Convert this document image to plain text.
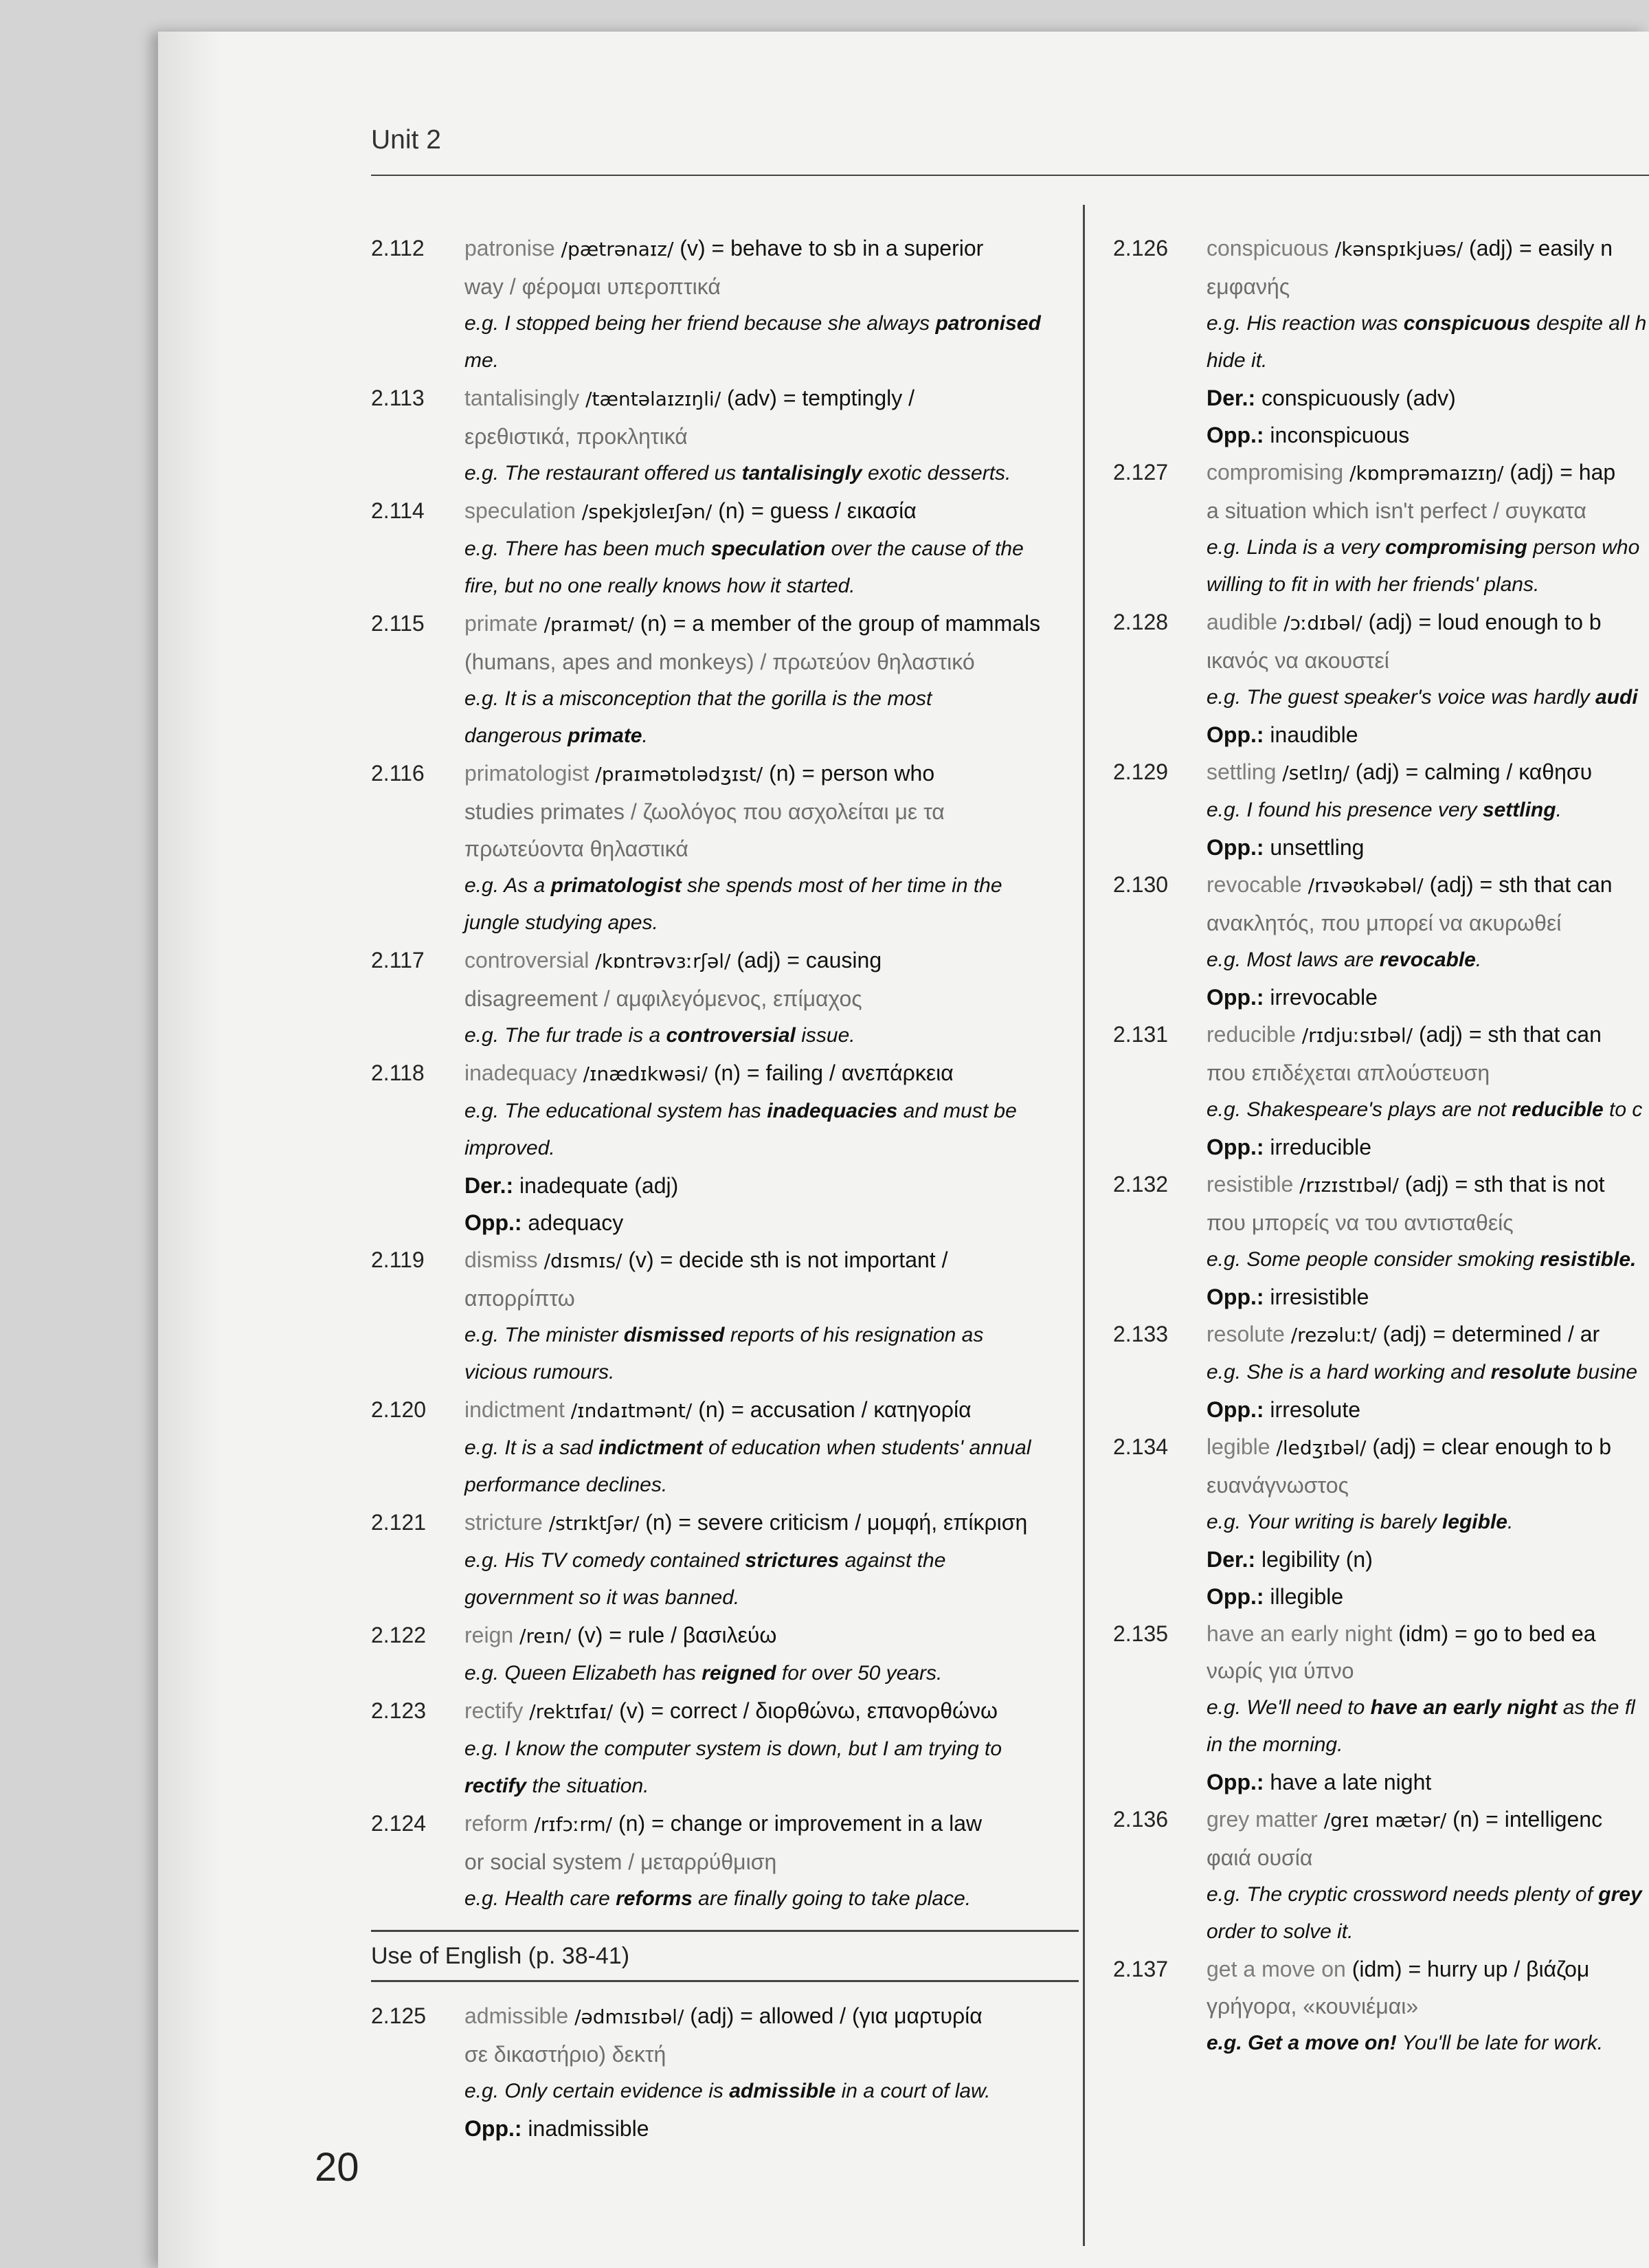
Unit 2
2.112	patronise /pætrənaɪz/ (v) = behave to sb in a superior
way / φέρομαι υπεροπτικά
e.g. I stopped being her friend because she always patronised
me.
2.113	tantalisingly /tæntəlaɪzɪŋli/ (adv) = temptingly /
ερεθιστικά, προκλητικά
e.g. The restaurant offered us tantalisingly exotic desserts.
2.114	speculation /spekjʊleɪʃən/ (n) = guess / εικασία
e.g. There has been much speculation over the cause of the
fire, but no one really knows how it started.
2.115	primate /praɪmət/ (n) = a member of the group of mammals
(humans, apes and monkeys) / πρωτεύον θηλαστικό
e.g. It is a misconception that the gorilla is the most
dangerous primate.
2.116	primatologist /praɪmətɒlədʒɪst/ (n) = person who
studies primates / ζωολόγος που ασχολείται με τα
πρωτεύοντα θηλαστικά
e.g. As a primatologist she spends most of her time in the
jungle studying apes.
2.117	controversial /kɒntrəvɜːrʃəl/ (adj) = causing
disagreement / αμφιλεγόμενος, επίμαχος
e.g. The fur trade is a controversial issue.
2.118	inadequacy /ɪnædɪkwəsi/ (n) = failing / ανεπάρκεια
e.g. The educational system has inadequacies and must be
improved.
Der.: inadequate (adj)
Opp.: adequacy
2.119	dismiss /dɪsmɪs/ (v) = decide sth is not important /
απορρίπτω
e.g. The minister dismissed reports of his resignation as
vicious rumours.
2.120	indictment /ɪndaɪtmənt/ (n) = accusation / κατηγορία
e.g. It is a sad indictment of education when students' annual
performance declines.
2.121	stricture /strɪktʃər/ (n) = severe criticism / μομφή, επίκριση
e.g. His TV comedy contained strictures against the
government so it was banned.
2.122	reign /reɪn/ (v) = rule / βασιλεύω
e.g. Queen Elizabeth has reigned for over 50 years.
2.123	rectify /rektɪfaɪ/ (v) = correct / διορθώνω, επανορθώνω
e.g. I know the computer system is down, but I am trying to
rectify the situation.
2.124	reform /rɪfɔːrm/ (n) = change or improvement in a law
or social system / μεταρρύθμιση
e.g. Health care reforms are finally going to take place.
Use of English (p. 38-41)
2.125	admissible /ədmɪsɪbəl/ (adj) = allowed / (για μαρτυρία
σε δικαστήριο) δεκτή
e.g. Only certain evidence is admissible in a court of law.
Opp.: inadmissible
2.126	conspicuous /kənspɪkjuəs/ (adj) = easily n
εμφανής
e.g. His reaction was conspicuous despite all h
hide it.
Der.: conspicuously (adv)
Opp.: inconspicuous
2.127	compromising /kɒmprəmaɪzɪŋ/ (adj) = hap
a situation which isn't perfect / συγκατα
e.g. Linda is a very compromising person who
willing to fit in with her friends' plans.
2.128	audible /ɔːdɪbəl/ (adj) = loud enough to b
ικανός να ακουστεί
e.g. The guest speaker's voice was hardly audi
Opp.: inaudible
2.129	settling /setlɪŋ/ (adj) = calming / καθησυ
e.g. I found his presence very settling.
Opp.: unsettling
2.130	revocable /rɪvəʊkəbəl/ (adj) = sth that can
ανακλητός, που μπορεί να ακυρωθεί
e.g. Most laws are revocable.
Opp.: irrevocable
2.131	reducible /rɪdjuːsɪbəl/ (adj) = sth that can
που επιδέχεται απλούστευση
e.g. Shakespeare's plays are not reducible to c
Opp.: irreducible
2.132	resistible /rɪzɪstɪbəl/ (adj) = sth that is not
που μπορείς να του αντισταθείς
e.g. Some people consider smoking resistible.
Opp.: irresistible
2.133	resolute /rezəluːt/ (adj) = determined / ar
e.g. She is a hard working and resolute busine
Opp.: irresolute
2.134	legible /ledʒɪbəl/ (adj) = clear enough to b
ευανάγνωστος
e.g. Your writing is barely legible.
Der.: legibility (n)
Opp.: illegible
2.135	have an early night (idm) = go to bed ea
νωρίς για ύπνο
e.g. We'll need to have an early night as the fl
in the morning.
Opp.: have a late night
2.136	grey matter /greɪ mætər/ (n) = intelligenc
φαιά ουσία
e.g. The cryptic crossword needs plenty of grey
order to solve it.
2.137	get a move on (idm) = hurry up / βιάζομ
γρήγορα, «κουνιέμαι»
e.g. Get a move on! You'll be late for work.
20
